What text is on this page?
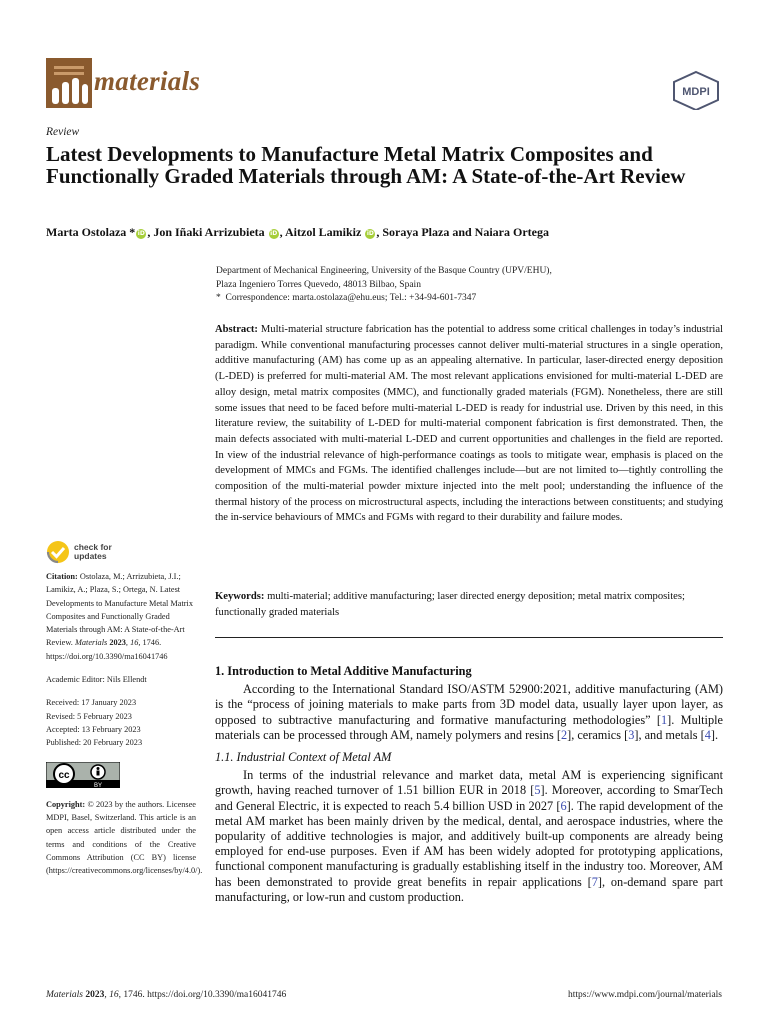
materials	MDPI
Review
Latest Developments to Manufacture Metal Matrix Composites and Functionally Graded Materials through AM: A State-of-the-Art Review
Marta Ostolaza * iD , Jon Iñaki Arrizubieta iD , Aitzol Lamikiz iD , Soraya Plaza and Naiara Ortega
Department of Mechanical Engineering, University of the Basque Country (UPV/EHU),
Plaza Ingeniero Torres Quevedo, 48013 Bilbao, Spain
* Correspondence: marta.ostolaza@ehu.eus; Tel.: +34-94-601-7347
Abstract: Multi-material structure fabrication has the potential to address some critical challenges in today’s industrial paradigm. While conventional manufacturing processes cannot deliver multi-material structures in a single operation, additive manufacturing (AM) has come up as an appealing alternative. In particular, laser-directed energy deposition (L-DED) is preferred for multi-material AM. The most relevant applications envisioned for multi-material L-DED are alloy design, metal matrix composites (MMC), and functionally graded materials (FGM). Nonetheless, there are still some issues that need to be faced before multi-material L-DED is ready for industrial use. Driven by this need, in this literature review, the suitability of L-DED for multi-material component fabrication is first demonstrated. Then, the main defects associated with multi-material L-DED and current opportunities and challenges in the field are reported. In view of the industrial relevance of high-performance coatings as tools to mitigate wear, emphasis is placed on the development of MMCs and FGMs. The identified challenges include—but are not limited to—tightly controlling the composition of the multi-material powder mixture injected into the melt pool; understanding the influence of the thermal history of the process on microstructural aspects, including the interactions between constituents; and studying the in-service behaviours of MMCs and FGMs with regard to their durability and failure modes.
Keywords: multi-material; additive manufacturing; laser directed energy deposition; metal matrix composites; functionally graded materials
check for
updates

Citation: Ostolaza, M.; Arrizubieta, J.I.; Lamikiz, A.; Plaza, S.; Ortega, N. Latest Developments to Manufacture Metal Matrix Composites and Functionally Graded Materials through AM: A State-of-the-Art Review. Materials 2023, 16, 1746. https://doi.org/10.3390/ma16041746

Academic Editor: Nils Ellendt

Received: 17 January 2023
Revised: 5 February 2023
Accepted: 13 February 2023
Published: 20 February 2023
cc
BY

Copyright: © 2023 by the authors. Licensee MDPI, Basel, Switzerland. This article is an open access article distributed under the terms and conditions of the Creative Commons Attribution (CC BY) license (https://creativecommons.org/licenses/by/4.0/).

1. Introduction to Metal Additive Manufacturing

According to the International Standard ISO/ASTM 52900:2021, additive manufacturing (AM) is the “process of joining materials to make parts from 3D model data, usually layer upon layer, as opposed to subtractive manufacturing and formative manufacturing methodologies” [1]. Multiple materials can be processed through AM, namely polymers and resins [2], ceramics [3], and metals [4].

1.1. Industrial Context of Metal AM

In terms of the industrial relevance and market data, metal AM is experiencing significant growth, having reached turnover of 1.51 billion EUR in 2018 [5]. Moreover, according to SmarTech and General Electric, it is expected to reach 5.4 billion USD in 2027 [6]. The rapid development of the metal AM market has been mainly driven by the medical, dental, and aerospace industries, where the popularity of additive technologies is major, and additively built-up components are already being employed for end-use purposes. Even if AM has been widely adopted for prototyping applications, functional component manufacturing is gradually establishing itself in the industry too. Moreover, AM has been demonstrated to provide great benefits in repair applications [7], on-demand spare part manufacturing, or low-run and custom production.

Materials 2023, 16, 1746. https://doi.org/10.3390/ma16041746	https://www.mdpi.com/journal/materials
